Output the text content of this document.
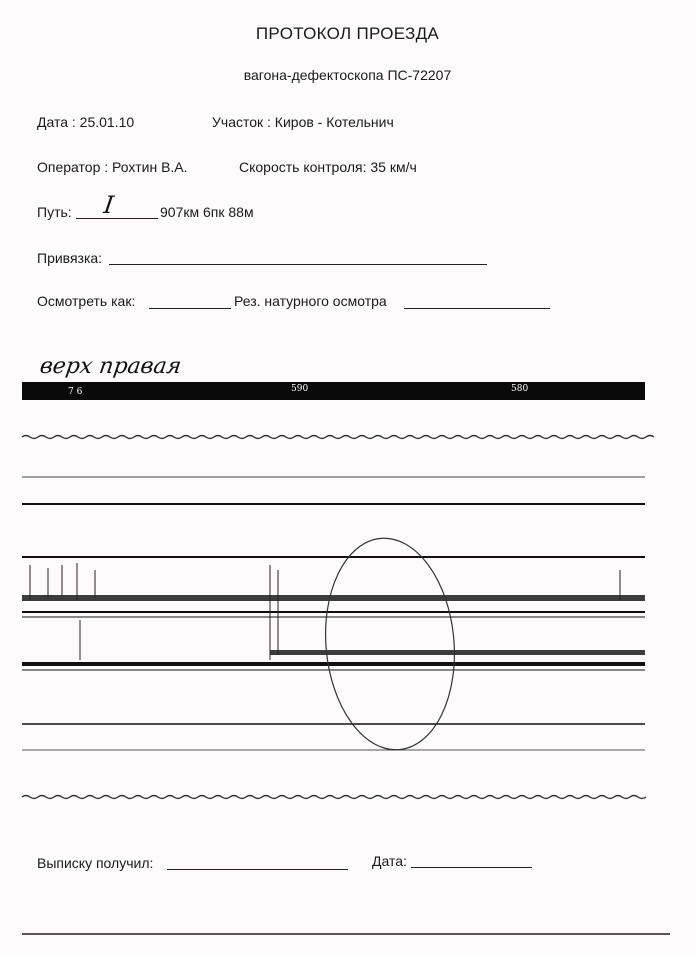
ПРОТОКОЛ ПРОЕЗДА
вагона-дефектоскопа ПС-72207
Дата : 25.01.10	Участок : Киров - Котельнич
Оператор : Рохтин В.А.	Скорость контроля: 35 км/ч
Путь: I	907км 6пк 88м
Привязка:
Осмотреть как:	Рез. натурного осмотра
верх правая
7 6	590	580
Выписку получил:	Дата:
